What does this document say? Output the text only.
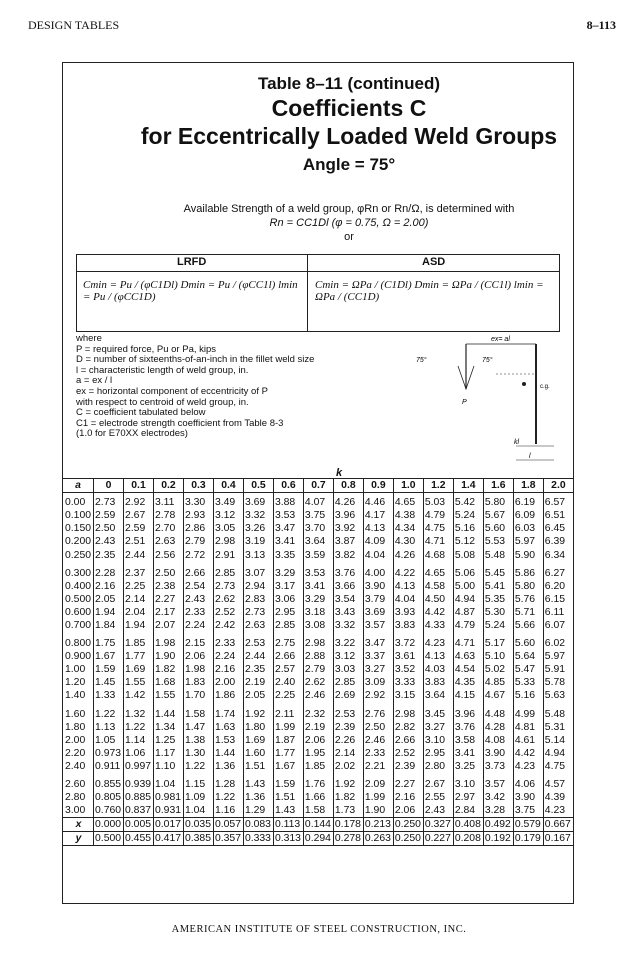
DESIGN TABLES	8–113
Table 8–11 (continued)
Coefficients C
for Eccentrically Loaded Weld Groups
Angle = 75°
Available Strength of a weld group, φRn or Rn/Ω, is determined with
Rn = CC1Dl (φ = 0.75, Ω = 2.00)
or
LRFD	ASD
Cmin = Pu / (φC1Dl) Dmin = Pu / (φCC1l) lmin = Pu / (φCC1D)
Cmin = ΩPa / (C1Dl) Dmin = ΩPa / (CC1l) lmin = ΩPa / (CC1D)
where
P = required force, Pu or Pa, kips
D = number of sixteenths-of-an-inch in the fillet weld size
l = characteristic length of weld group, in.
a = ex / l
ex = horizontal component of eccentricity of P
with respect to centroid of weld group, in.
C = coefficient tabulated below
C1 = electrode strength coefficient from Table 8-3
(1.0 for E70XX electrodes)
ex= al
75°	75°
P
c.g.
kl
l
k
a	0	0.1	0.2	0.3	0.4	0.5	0.6	0.7	0.8	0.9	1.0	1.2	1.4	1.6	1.8	2.0
0.00	2.73	2.92	3.11	3.30	3.49	3.69	3.88	4.07	4.26	4.46	4.65	5.03	5.42	5.80	6.19	6.57
0.100	2.59	2.67	2.78	2.93	3.12	3.32	3.53	3.75	3.96	4.17	4.38	4.79	5.24	5.67	6.09	6.51
0.150	2.50	2.59	2.70	2.86	3.05	3.26	3.47	3.70	3.92	4.13	4.34	4.75	5.16	5.60	6.03	6.45
0.200	2.43	2.51	2.63	2.79	2.98	3.19	3.41	3.64	3.87	4.09	4.30	4.71	5.12	5.53	5.97	6.39
0.250	2.35	2.44	2.56	2.72	2.91	3.13	3.35	3.59	3.82	4.04	4.26	4.68	5.08	5.48	5.90	6.34
0.300	2.28	2.37	2.50	2.66	2.85	3.07	3.29	3.53	3.76	4.00	4.22	4.65	5.06	5.45	5.86	6.27
0.400	2.16	2.25	2.38	2.54	2.73	2.94	3.17	3.41	3.66	3.90	4.13	4.58	5.00	5.41	5.80	6.20
0.500	2.05	2.14	2.27	2.43	2.62	2.83	3.06	3.29	3.54	3.79	4.04	4.50	4.94	5.35	5.76	6.15
0.600	1.94	2.04	2.17	2.33	2.52	2.73	2.95	3.18	3.43	3.69	3.93	4.42	4.87	5.30	5.71	6.11
0.700	1.84	1.94	2.07	2.24	2.42	2.63	2.85	3.08	3.32	3.57	3.83	4.33	4.79	5.24	5.66	6.07
0.800	1.75	1.85	1.98	2.15	2.33	2.53	2.75	2.98	3.22	3.47	3.72	4.23	4.71	5.17	5.60	6.02
0.900	1.67	1.77	1.90	2.06	2.24	2.44	2.66	2.88	3.12	3.37	3.61	4.13	4.63	5.10	5.64	5.97
1.00	1.59	1.69	1.82	1.98	2.16	2.35	2.57	2.79	3.03	3.27	3.52	4.03	4.54	5.02	5.47	5.91
1.20	1.45	1.55	1.68	1.83	2.00	2.19	2.40	2.62	2.85	3.09	3.33	3.83	4.35	4.85	5.33	5.78
1.40	1.33	1.42	1.55	1.70	1.86	2.05	2.25	2.46	2.69	2.92	3.15	3.64	4.15	4.67	5.16	5.63
1.60	1.22	1.32	1.44	1.58	1.74	1.92	2.11	2.32	2.53	2.76	2.98	3.45	3.96	4.48	4.99	5.48
1.80	1.13	1.22	1.34	1.47	1.63	1.80	1.99	2.19	2.39	2.50	2.82	3.27	3.76	4.28	4.81	5.31
2.00	1.05	1.14	1.25	1.38	1.53	1.69	1.87	2.06	2.26	2.46	2.66	3.10	3.58	4.08	4.61	5.14
2.20	0.973	1.06	1.17	1.30	1.44	1.60	1.77	1.95	2.14	2.33	2.52	2.95	3.41	3.90	4.42	4.94
2.40	0.911	0.997	1.10	1.22	1.36	1.51	1.67	1.85	2.02	2.21	2.39	2.80	3.25	3.73	4.23	4.75
2.60	0.855	0.939	1.04	1.15	1.28	1.43	1.59	1.76	1.92	2.09	2.27	2.67	3.10	3.57	4.06	4.57
2.80	0.805	0.885	0.981	1.09	1.22	1.36	1.51	1.66	1.82	1.99	2.16	2.55	2.97	3.42	3.90	4.39
3.00	0.760	0.837	0.931	1.04	1.16	1.29	1.43	1.58	1.73	1.90	2.06	2.43	2.84	3.28	3.75	4.23
x	0.000	0.005	0.017	0.035	0.057	0.083	0.113	0.144	0.178	0.213	0.250	0.327	0.408	0.492	0.579	0.667
y	0.500	0.455	0.417	0.385	0.357	0.333	0.313	0.294	0.278	0.263	0.250	0.227	0.208	0.192	0.179	0.167
AMERICAN INSTITUTE OF STEEL CONSTRUCTION, INC.
